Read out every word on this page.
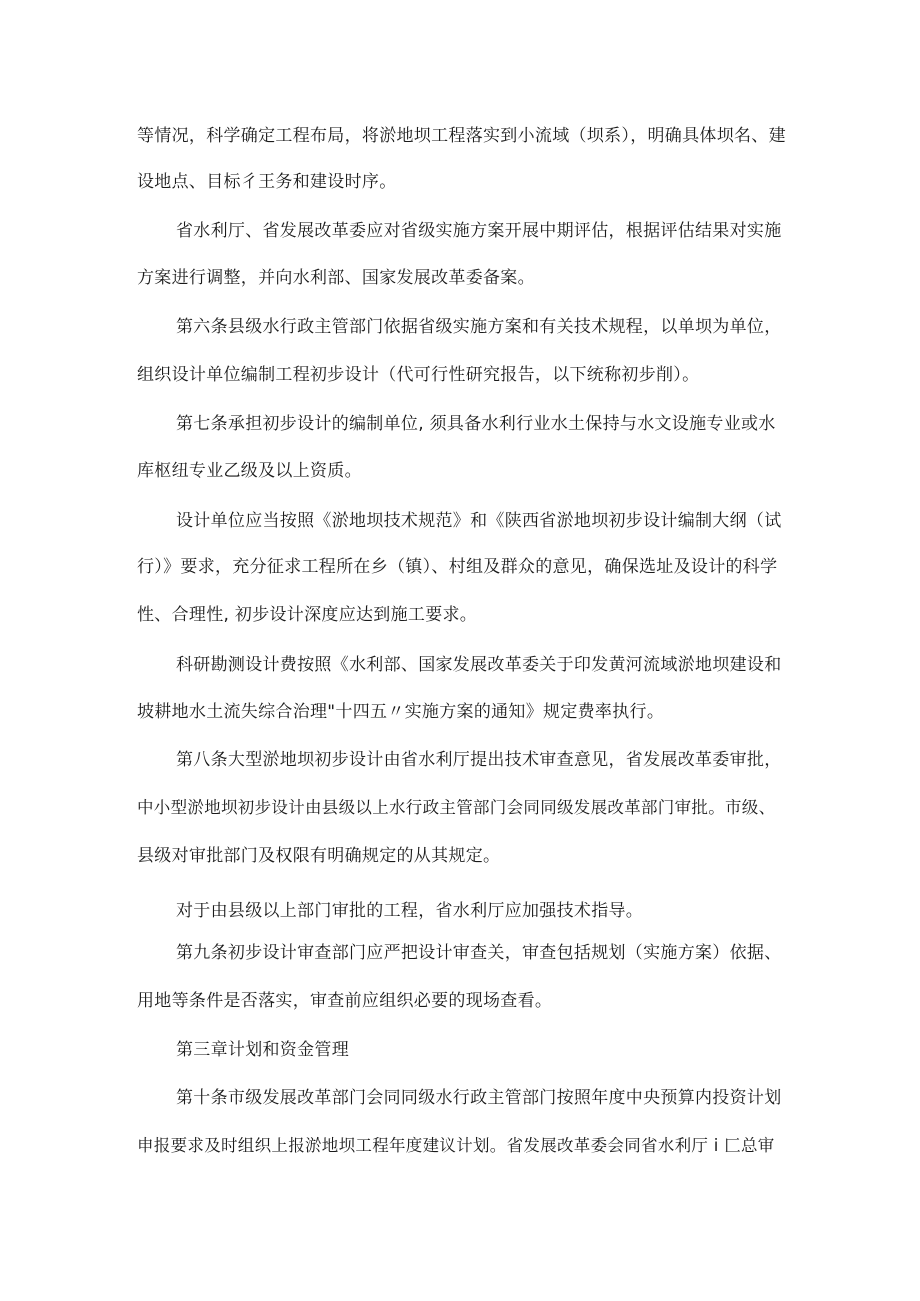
等情况，科学确定工程布局，将淤地坝工程落实到小流域（坝系），明确具体坝名、建
设地点、目标彳王务和建设时序。
省水利厅、省发展改革委应对省级实施方案开展中期评估，根据评估结果对实施
方案进行调整，并向水利部、国家发展改革委备案。
第六条县级水行政主管部门依据省级实施方案和有关技术规程，以单坝为单位，
组织设计单位编制工程初步设计（代可行性研究报告，以下统称初步削）。
第七条承担初步设计的编制单位, 须具备水利行业水土保持与水文设施专业或水
库枢纽专业乙级及以上资质。
设计单位应当按照《淤地坝技术规范》和《陕西省淤地坝初步设计编制大纲（试
行）》要求，充分征求工程所在乡（镇）、村组及群众的意见，确保选址及设计的科学
性、合理性, 初步设计深度应达到施工要求。
科研勘测设计费按照《水利部、国家发展改革委关于印发黄河流域淤地坝建设和
坡耕地水土流失综合治理"十四五〃实施方案的通知》规定费率执行。
第八条大型淤地坝初步设计由省水利厅提出技术审查意见，省发展改革委审批，
中小型淤地坝初步设计由县级以上水行政主管部门会同同级发展改革部门审批。市级、
县级对审批部门及权限有明确规定的从其规定。
对于由县级以上部门审批的工程，省水利厅应加强技术指导。
第九条初步设计审查部门应严把设计审查关，审查包括规划（实施方案）依据、
用地等条件是否落实，审查前应组织必要的现场查看。
第三章计划和资金管理
第十条市级发展改革部门会同同级水行政主管部门按照年度中央预算内投资计划
申报要求及时组织上报淤地坝工程年度建议计划。省发展改革委会同省水利厅 i 匚总审
